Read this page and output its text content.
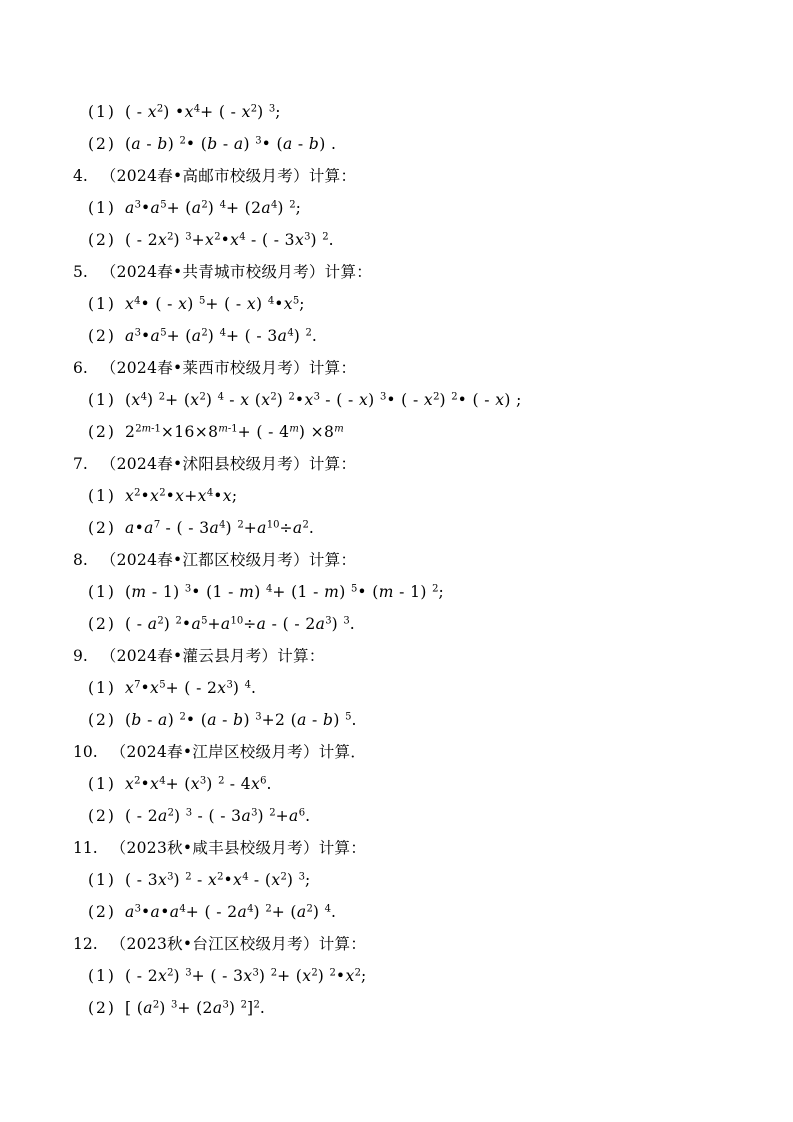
(1) ( - $x^2$) $•x^4+$ ( - $x^2$) $^3$;
(2) (a - b) $^2$• (b - a) $^3$• (a - b) .
4. （2024春•高邮市校级月考）计算：
(1) $a^3•a^5+ (a^2)$ $^4+ (2a^4)$ $^2$;
(2) ( - $2x^2$) $^3+x^2•x^4$ - ( - $3x^3$) $^2$.
5. （2024春•共青城市校级月考）计算：
(1) $x^4•$ ( - x) $^5$+ ( - x) $^4•x^5$;
(2) $a^3•a^5+ (a^2)$ $^4$+ ( - $3a^4$) $^2$.
6. （2024春•莱西市校级月考）计算：
(1) $(x^4)$ $^2+ (x^2)$ $^4$ - x $(x^2)$ $^2•x^3$ - ( - x) $^3$• ( - $x^2$) $^2$• ( - x) ;
(2) $2^{2m-1}\times 16\times 8^{m-1}+$ ( - $4^m) \times 8^m$
7. （2024春•沭阳县校级月考）计算：
(1) $x^2•x^2•x+x^4•x$;
(2) $a•a^7$ - ( - $3a^4$) $^2+a^{10}\div a^2$.
8. （2024春•江都区校级月考）计算：
(1) (m - 1) $^3$• (1 - m) $^4$+ (1 - m) $^5$• (m - 1) $^2$;
(2) ( - $a^2$) $^2•a^5+a^{10}\div a$ - ( - $2a^3$) $^3$.
9. （2024春•灌云县月考）计算：
(1) $x^7•x^5+$ ( - $2x^3$) $^4$.
(2) (b - a) $^2$• (a - b) $^3$+2 (a - b) $^5$.
10. （2024春•江岸区校级月考）计算．
(1) $x^2•x^4+ (x^3)$ $^2 - 4x^6$.
(2) ( - $2a^2$) $^3$ - ( - $3a^3$) $^2+a^6$.
11. （2023秋•咸丰县校级月考）计算：
(1) ( - $3x^3$) $^2 - x^2•x^4 - (x^2)$ $^3$;
(2) $a^3•a•a^4+$ ( - $2a^4$) $^2+ (a^2)$ $^4$.
12. （2023秋•台江区校级月考）计算：
(1) ( - $2x^2$) $^3$+ ( - $3x^3$) $^2+ (x^2)$ $^2•x^2$;
(2) [ $(a^2)$ $^3+ (2a^3)$ $^2$]$^2$.
